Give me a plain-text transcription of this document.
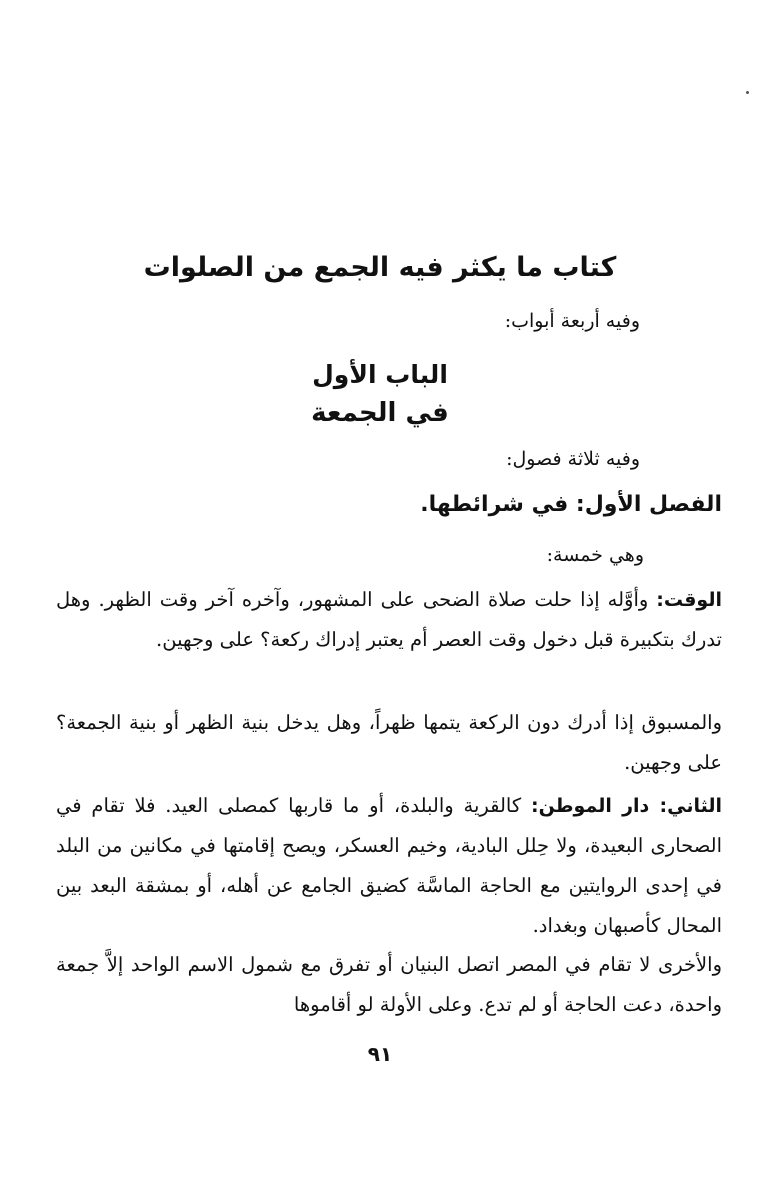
كتاب ما يكثر فيه الجمع من الصلوات
وفيه أربعة أبواب:
الباب الأول
في الجمعة
وفيه ثلاثة فصول:
الفصل الأول: في شرائطها.
وهي خمسة:
الوقت: وأوَّله إذا حلت صلاة الضحى على المشهور، وآخره آخر وقت الظهر. وهل تدرك بتكبيرة قبل دخول وقت العصر أم يعتبر إدراك ركعة؟ على وجهين.
والمسبوق إذا أدرك دون الركعة يتمها ظهراً، وهل يدخل بنية الظهر أو بنية الجمعة؟ على وجهين.
الثاني: دار الموطن: كالقرية والبلدة، أو ما قاربها كمصلى العيد. فلا تقام في الصحارى البعيدة، ولا حِلل البادية، وخيم العسكر، ويصح إقامتها في مكانين من البلد في إحدى الروايتين مع الحاجة الماسَّة كضيق الجامع عن أهله، أو بمشقة البعد بين المحال كأصبهان وبغداد.
والأخرى لا تقام في المصر اتصل البنيان أو تفرق مع شمول الاسم الواحد إلاَّ جمعة واحدة، دعت الحاجة أو لم تدع. وعلى الأولة لو أقاموها
٩١
